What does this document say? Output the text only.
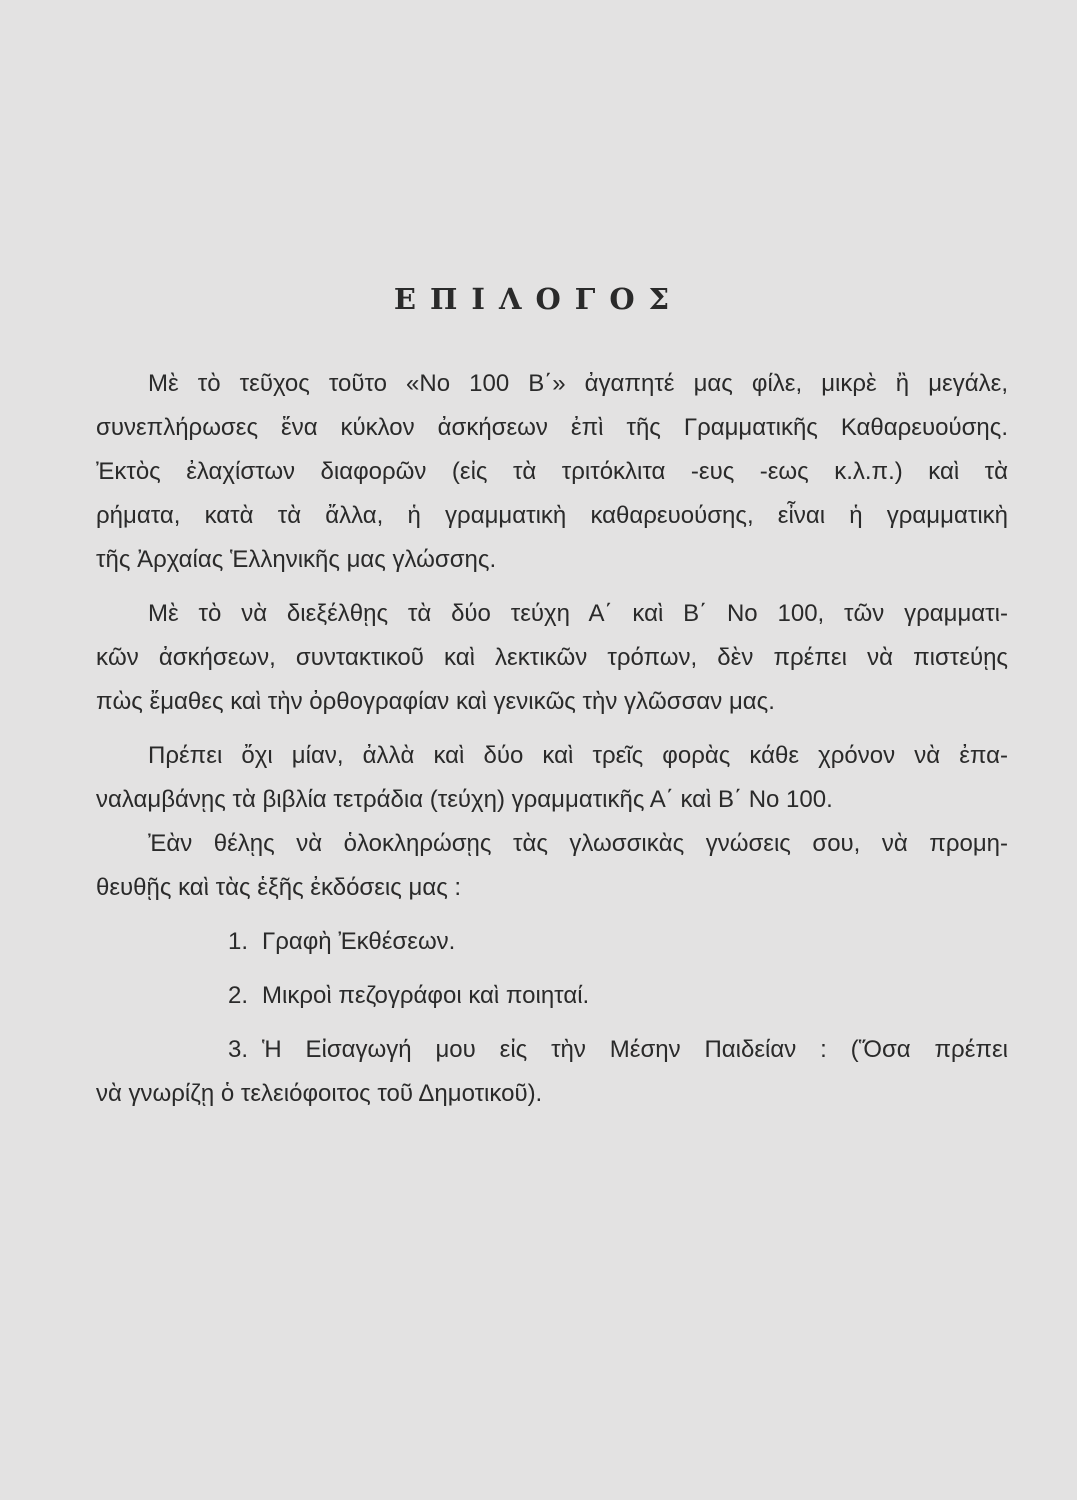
ΕΠΙΛΟΓΟΣ
Μὲ τὸ τεῦχος τοῦτο «Νο 100 Β΄» ἀγαπητέ μας φίλε, μικρὲ ἢ μεγάλε,
συνεπλήρωσες ἕνα κύκλον ἀσκήσεων ἐπὶ τῆς Γραμματικῆς Καθαρευούσης.
Ἐκτὸς ἐλαχίστων διαφορῶν (εἰς τὰ τριτόκλιτα -ευς -εως κ.λ.π.) καὶ τὰ
ρήματα, κατὰ τὰ ἄλλα, ἡ γραμματικὴ καθαρευούσης, εἶναι ἡ γραμματικὴ
τῆς Ἀρχαίας Ἑλληνικῆς μας γλώσσης.
Μὲ τὸ νὰ διεξέλθῃς τὰ δύο τεύχη Α΄ καὶ Β΄ Νο 100, τῶν γραμματι-
κῶν ἀσκήσεων, συντακτικοῦ καὶ λεκτικῶν τρόπων, δὲν πρέπει νὰ πιστεύῃς
πὼς ἔμαθες καὶ τὴν ὀρθογραφίαν καὶ γενικῶς τὴν γλῶσσαν μας.
Πρέπει ὄχι μίαν, ἀλλὰ καὶ δύο καὶ τρεῖς φορὰς κάθε χρόνον νὰ ἐπα-
ναλαμβάνῃς τὰ βιβλία τετράδια (τεύχη) γραμματικῆς Α΄ καὶ Β΄ Νο 100.
Ἐὰν θέλῃς νὰ ὁλοκληρώσῃς τὰς γλωσσικὰς γνώσεις σου, νὰ προμη-
θευθῇς καὶ τὰς ἑξῆς ἐκδόσεις μας :
1. Γραφὴ Ἐκθέσεων.
2. Μικροὶ πεζογράφοι καὶ ποιηταί.
3. Ἡ Εἰσαγωγή μου εἰς τὴν Μέσην Παιδείαν : (Ὅσα πρέπει
νὰ γνωρίζῃ ὁ τελειόφοιτος τοῦ Δημοτικοῦ).
